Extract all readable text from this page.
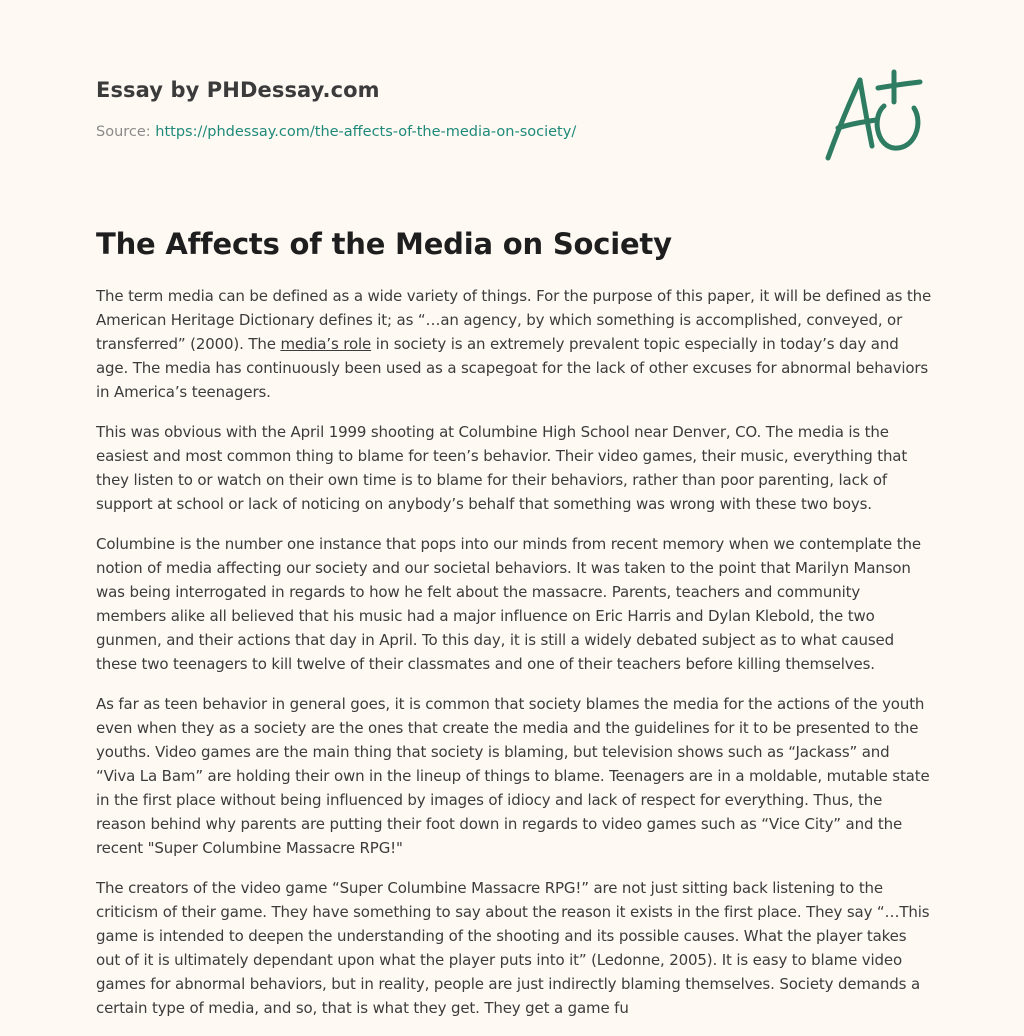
Essay by PHDessay.com
Source: https://phdessay.com/the-affects-of-the-media-on-society/
The Affects of the Media on Society

The term media can be defined as a wide variety of things. For the purpose of this paper, it will be defined as the American Heritage Dictionary defines it; as “…an agency, by which something is accomplished, conveyed, or transferred” (2000). The media’s role in society is an extremely prevalent topic especially in today’s day and age. The media has continuously been used as a scapegoat for the lack of other excuses for abnormal behaviors in America’s teenagers.

This was obvious with the April 1999 shooting at Columbine High School near Denver, CO. The media is the easiest and most common thing to blame for teen’s behavior. Their video games, their music, everything that they listen to or watch on their own time is to blame for their behaviors, rather than poor parenting, lack of support at school or lack of noticing on anybody’s behalf that something was wrong with these two boys.

Columbine is the number one instance that pops into our minds from recent memory when we contemplate the notion of media affecting our society and our societal behaviors. It was taken to the point that Marilyn Manson was being interrogated in regards to how he felt about the massacre. Parents, teachers and community members alike all believed that his music had a major influence on Eric Harris and Dylan Klebold, the two gunmen, and their actions that day in April. To this day, it is still a widely debated subject as to what caused these two teenagers to kill twelve of their classmates and one of their teachers before killing themselves.

As far as teen behavior in general goes, it is common that society blames the media for the actions of the youth even when they as a society are the ones that create the media and the guidelines for it to be presented to the youths. Video games are the main thing that society is blaming, but television shows such as “Jackass” and “Viva La Bam” are holding their own in the lineup of things to blame. Teenagers are in a moldable, mutable state in the first place without being influenced by images of idiocy and lack of respect for everything. Thus, the reason behind why parents are putting their foot down in regards to video games such as “Vice City” and the recent "Super Columbine Massacre RPG!"

The creators of the video game “Super Columbine Massacre RPG!” are not just sitting back listening to the criticism of their game. They have something to say about the reason it exists in the first place. They say “…This game is intended to deepen the understanding of the shooting and its possible causes. What the player takes out of it is ultimately dependant upon what the player puts into it” (Ledonne, 2005). It is easy to blame video games for abnormal behaviors, but in reality, people are just indirectly blaming themselves. Society demands a certain type of media, and so, that is what they get. They get a game fu
